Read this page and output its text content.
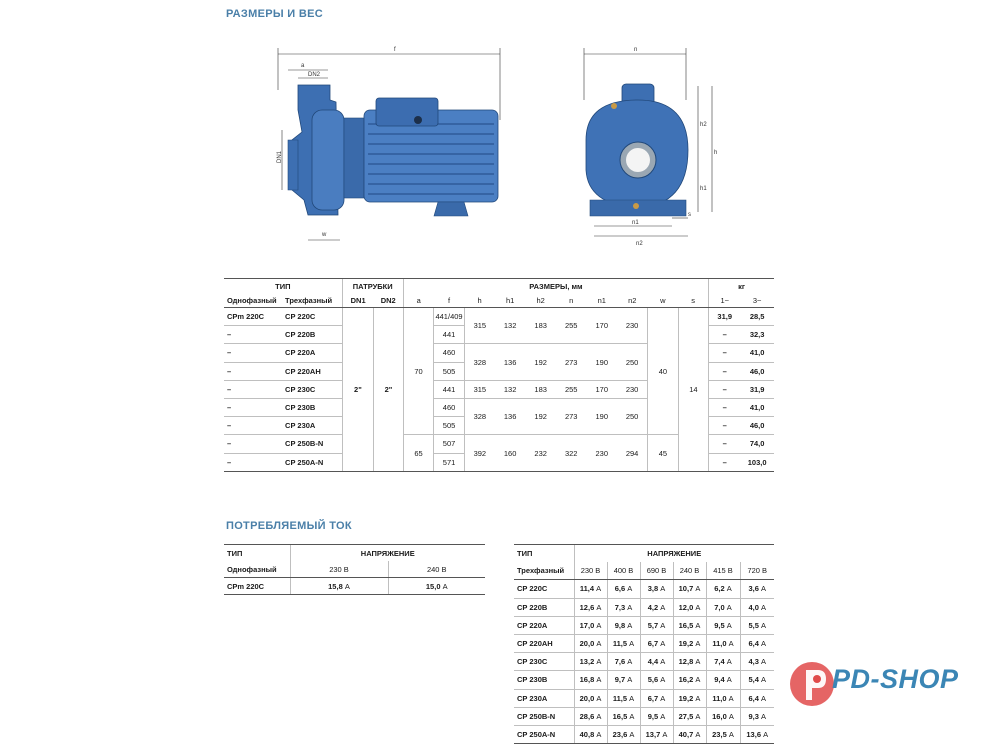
РАЗМЕРЫ И ВЕС
f
a
DN2
DN1
w
n
h2
h
h1
s
n1
n2
ТИП		ПАТРУБКИ		РАЗМЕРЫ, мм										кг	
Однофазный	Трехфазный	DN1	DN2	a	f	h	h1	h2	n	n1	n2	w	s	1~	3~
CPm 220C	CP 220C	2"	2"	70	441/409	315	132	183	255	170	230	40	14	31,9	28,5
–	CP 220B				441									–	32,3
–	CP 220A				460	328	136	192	273	190	250			–	41,0
–	CP 220AH				505									–	46,0
–	CP 230C				441	315	132	183	255	170	230			–	31,9
–	CP 230B				460	328	136	192	273	190	250			–	41,0
–	CP 230A				505									–	46,0
–	CP 250B-N			65	507	392	160	232	322	230	294	45		–	74,0
–	CP 250A-N				571									–	103,0
ПОТРЕБЛЯЕМЫЙ ТОК
ТИП	НАПРЯЖЕНИЕ	
Однофазный	230 В	240 В
CPm 220C	15,8 А	15,0 А
ТИП	НАПРЯЖЕНИЕ					
Трехфазный	230 В	400 В	690 В	240 В	415 В	720 В
CP 220C	11,4 А	6,6 А	3,8 А	10,7 А	6,2 А	3,6 А
CP 220B	12,6 А	7,3 А	4,2 А	12,0 А	7,0 А	4,0 А
CP 220A	17,0 А	9,8 А	5,7 А	16,5 А	9,5 А	5,5 А
CP 220AH	20,0 А	11,5 А	6,7 А	19,2 А	11,0 А	6,4 А
CP 230C	13,2 А	7,6 А	4,4 А	12,8 А	7,4 А	4,3 А
CP 230B	16,8 А	9,7 А	5,6 А	16,2 А	9,4 А	5,4 А
CP 230A	20,0 А	11,5 А	6,7 А	19,2 А	11,0 А	6,4 А
CP 250B-N	28,6 А	16,5 А	9,5 А	27,5 А	16,0 А	9,3 А
CP 250A-N	40,8 А	23,6 А	13,7 А	40,7 А	23,5 А	13,6 А
PD-SHOP
